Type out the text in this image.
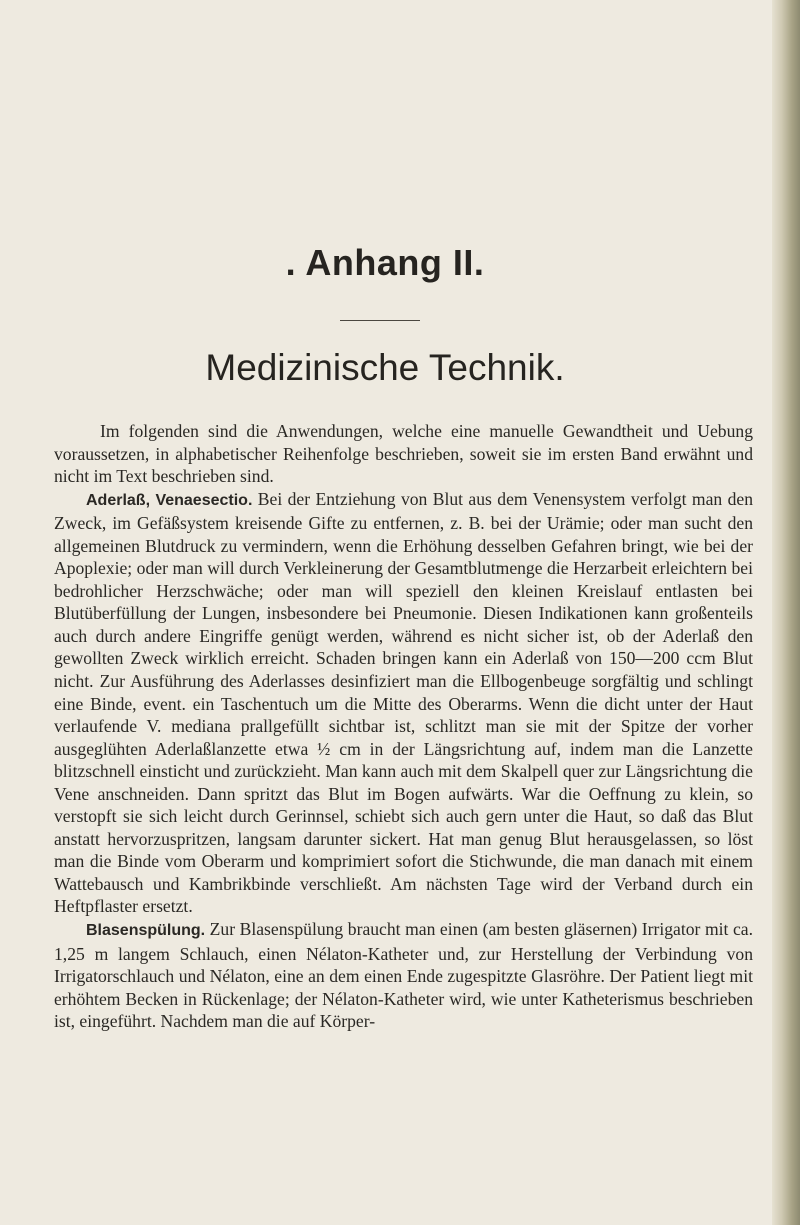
. Anhang II.
Medizinische Technik.

Im folgenden sind die Anwendungen, welche eine manuelle Gewandtheit und Uebung voraussetzen, in alphabetischer Reihenfolge beschrieben, soweit sie im ersten Band erwähnt und nicht im Text beschrieben sind.

Aderlaß, Venaesectio. Bei der Entziehung von Blut aus dem Venensystem verfolgt man den Zweck, im Gefäßsystem kreisende Gifte zu entfernen, z. B. bei der Urämie; oder man sucht den allgemeinen Blutdruck zu vermindern, wenn die Erhöhung desselben Gefahren bringt, wie bei der Apoplexie; oder man will durch Verkleinerung der Gesamtblutmenge die Herzarbeit erleichtern bei bedrohlicher Herzschwäche; oder man will speziell den kleinen Kreislauf entlasten bei Blutüberfüllung der Lungen, insbesondere bei Pneumonie. Diesen Indikationen kann großenteils auch durch andere Eingriffe genügt werden, während es nicht sicher ist, ob der Aderlaß den gewollten Zweck wirklich erreicht. Schaden bringen kann ein Aderlaß von 150—200 ccm Blut nicht. Zur Ausführung des Aderlasses desinfiziert man die Ellbogenbeuge sorgfältig und schlingt eine Binde, event. ein Taschentuch um die Mitte des Oberarms. Wenn die dicht unter der Haut verlaufende V. mediana prallgefüllt sichtbar ist, schlitzt man sie mit der Spitze der vorher ausgeglühten Aderlaßlanzette etwa ½ cm in der Längsrichtung auf, indem man die Lanzette blitzschnell einsticht und zurückzieht. Man kann auch mit dem Skalpell quer zur Längsrichtung die Vene anschneiden. Dann spritzt das Blut im Bogen aufwärts. War die Oeffnung zu klein, so verstopft sie sich leicht durch Gerinnsel, schiebt sich auch gern unter die Haut, so daß das Blut anstatt hervorzuspritzen, langsam darunter sickert. Hat man genug Blut herausgelassen, so löst man die Binde vom Oberarm und komprimiert sofort die Stichwunde, die man danach mit einem Wattebausch und Kambrikbinde verschließt. Am nächsten Tage wird der Verband durch ein Heftpflaster ersetzt.

Blasenspülung. Zur Blasenspülung braucht man einen (am besten gläsernen) Irrigator mit ca. 1,25 m langem Schlauch, einen Nélaton-Katheter und, zur Herstellung der Verbindung von Irrigatorschlauch und Nélaton, eine an dem einen Ende zugespitzte Glasröhre. Der Patient liegt mit erhöhtem Becken in Rückenlage; der Nélaton-Katheter wird, wie unter Katheterismus beschrieben ist, eingeführt. Nachdem man die auf Körper-
